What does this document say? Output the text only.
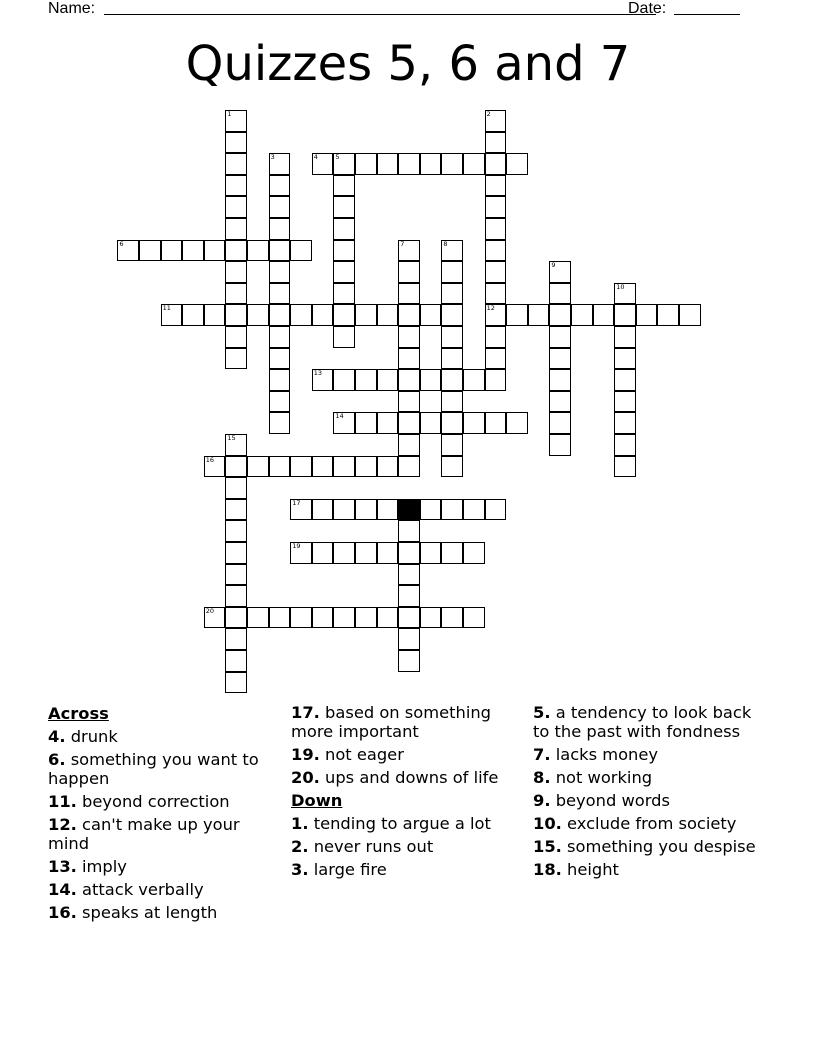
Name:	Date:
Quizzes 5, 6 and 7
1	2
12
3	4	5
6	7	8
9
10
11
13
14
15
16
17	18
19
20
Across
4. drunk
6. something you want to happen
11. beyond correction
12. can't make up your mind
13. imply
14. attack verbally
16. speaks at length
17. based on something more important
19. not eager
20. ups and downs of life
Down
1. tending to argue a lot
2. never runs out
3. large fire
5. a tendency to look back to the past with fondness
7. lacks money
8. not working
9. beyond words
10. exclude from society
15. something you despise
18. height
